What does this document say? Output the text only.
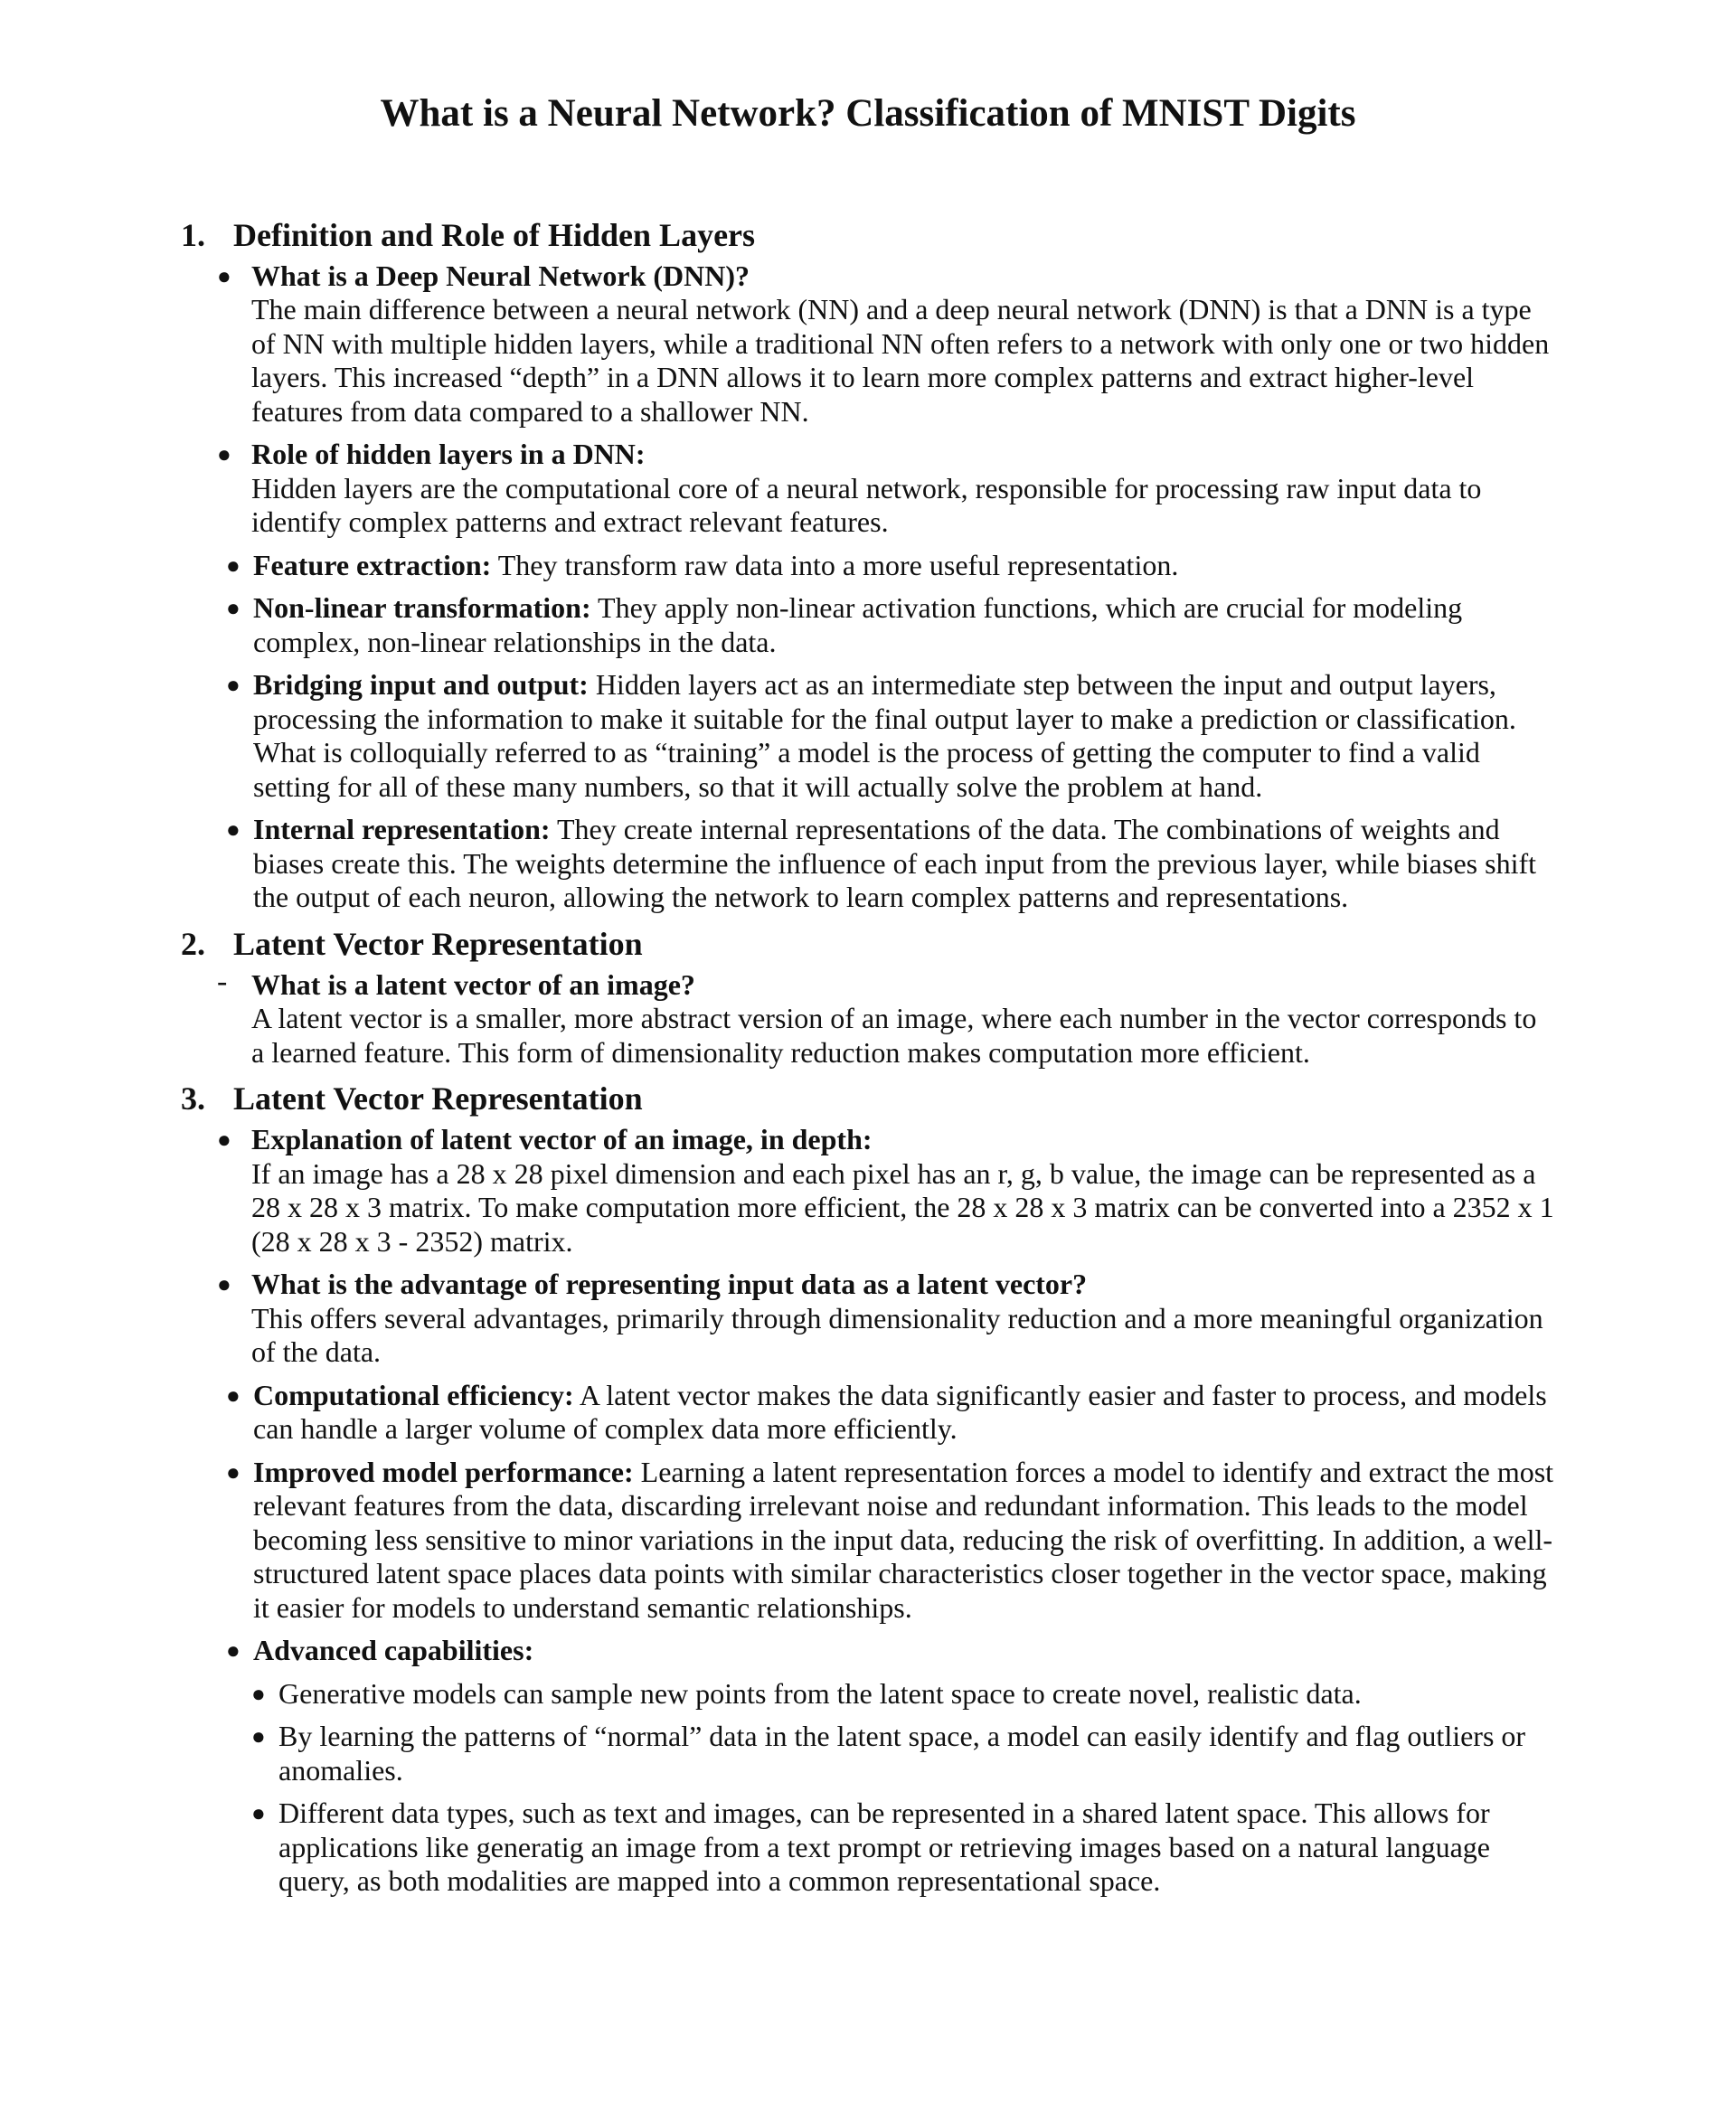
What is a Neural Network? Classification of MNIST Digits
1. Definition and Role of Hidden Layers
● What is a Deep Neural Network (DNN)?
The main difference between a neural network (NN) and a deep neural network (DNN) is that a DNN is a type of NN with multiple hidden layers, while a traditional NN often refers to a network with only one or two hidden layers. This increased “depth” in a DNN allows it to learn more complex patterns and extract higher-level features from data compared to a shallower NN.
● Role of hidden layers in a DNN:
Hidden layers are the computational core of a neural network, responsible for processing raw input data to identify complex patterns and extract relevant features.
● Feature extraction: They transform raw data into a more useful representation.
● Non-linear transformation: They apply non-linear activation functions, which are crucial for modeling complex, non-linear relationships in the data.
● Bridging input and output: Hidden layers act as an intermediate step between the input and output layers, processing the information to make it suitable for the final output layer to make a prediction or classification. What is colloquially referred to as “training” a model is the process of getting the computer to find a valid setting for all of these many numbers, so that it will actually solve the problem at hand.
● Internal representation: They create internal representations of the data. The combinations of weights and biases create this. The weights determine the influence of each input from the previous layer, while biases shift the output of each neuron, allowing the network to learn complex patterns and representations.
2. Latent Vector Representation
- What is a latent vector of an image?
A latent vector is a smaller, more abstract version of an image, where each number in the vector corresponds to a learned feature. This form of dimensionality reduction makes computation more efficient.
3. Latent Vector Representation
● Explanation of latent vector of an image, in depth:
If an image has a 28 x 28 pixel dimension and each pixel has an r, g, b value, the image can be represented as a 28 x 28 x 3 matrix. To make computation more efficient, the 28 x 28 x 3 matrix can be converted into a 2352 x 1 (28 x 28 x 3 - 2352) matrix.
● What is the advantage of representing input data as a latent vector?
This offers several advantages, primarily through dimensionality reduction and a more meaningful organization of the data.
● Computational efficiency: A latent vector makes the data significantly easier and faster to process, and models can handle a larger volume of complex data more efficiently.
● Improved model performance: Learning a latent representation forces a model to identify and extract the most relevant features from the data, discarding irrelevant noise and redundant information. This leads to the model becoming less sensitive to minor variations in the input data, reducing the risk of overfitting. In addition, a well-structured latent space places data points with similar characteristics closer together in the vector space, making it easier for models to understand semantic relationships.
● Advanced capabilities:
● Generative models can sample new points from the latent space to create novel, realistic data.
● By learning the patterns of “normal” data in the latent space, a model can easily identify and flag outliers or anomalies.
● Different data types, such as text and images, can be represented in a shared latent space. This allows for applications like generatig an image from a text prompt or retrieving images based on a natural language query, as both modalities are mapped into a common representational space.
